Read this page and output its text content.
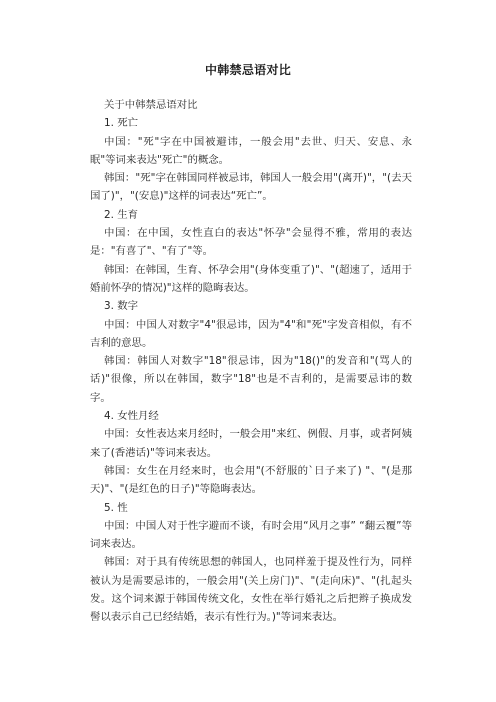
中韩禁忌语对比

关于中韩禁忌语对比

1. 死亡

中国："死"字在中国被避讳，一般会用"去世、归天、安息、永眠"等词来表达"死亡"的概念。

韩国："死"字在韩国同样被忌讳，韩国人一般会用"(离开)"，"(去天国了)"，"(安息)"这样的词表达“死亡”。

2. 生育

中国：在中国，女性直白的表达"怀孕"会显得不雅，常用的表达是："有喜了"、"有了"等。

韩国：在韩国，生育、怀孕会用"(身体变重了)"、"(超速了，适用于婚前怀孕的情况)"这样的隐晦表达。

3. 数字

中国：中国人对数字"4"很忌讳，因为"4"和"死"字发音相似，有不吉利的意思。

韩国：韩国人对数字"18"很忌讳，因为"18()"的发音和"(骂人的话)"很像，所以在韩国，数字"18"也是不吉利的，是需要忌讳的数字。

4. 女性月经

中国：女性表达来月经时，一般会用"来红、例假、月事，或者阿姨来了(香港话)"等词来表达。

韩国：女生在月经来时，也会用"(不舒服的`日子来了) "、"(是那天)"、"(是红色的日子)"等隐晦表达。

5. 性

中国：中国人对于性字避而不谈，有时会用“风月之事” “翻云覆”等词来表达。

韩国：对于具有传统思想的韩国人，也同样羞于提及性行为，同样被认为是需要忌讳的，一般会用"(关上房门)"、"(走向床)"、"(扎起头发。这个词来源于韩国传统文化，女性在举行婚礼之后把辫子换成发髻以表示自己已经结婚，表示有性行为。)"等词来表达。
